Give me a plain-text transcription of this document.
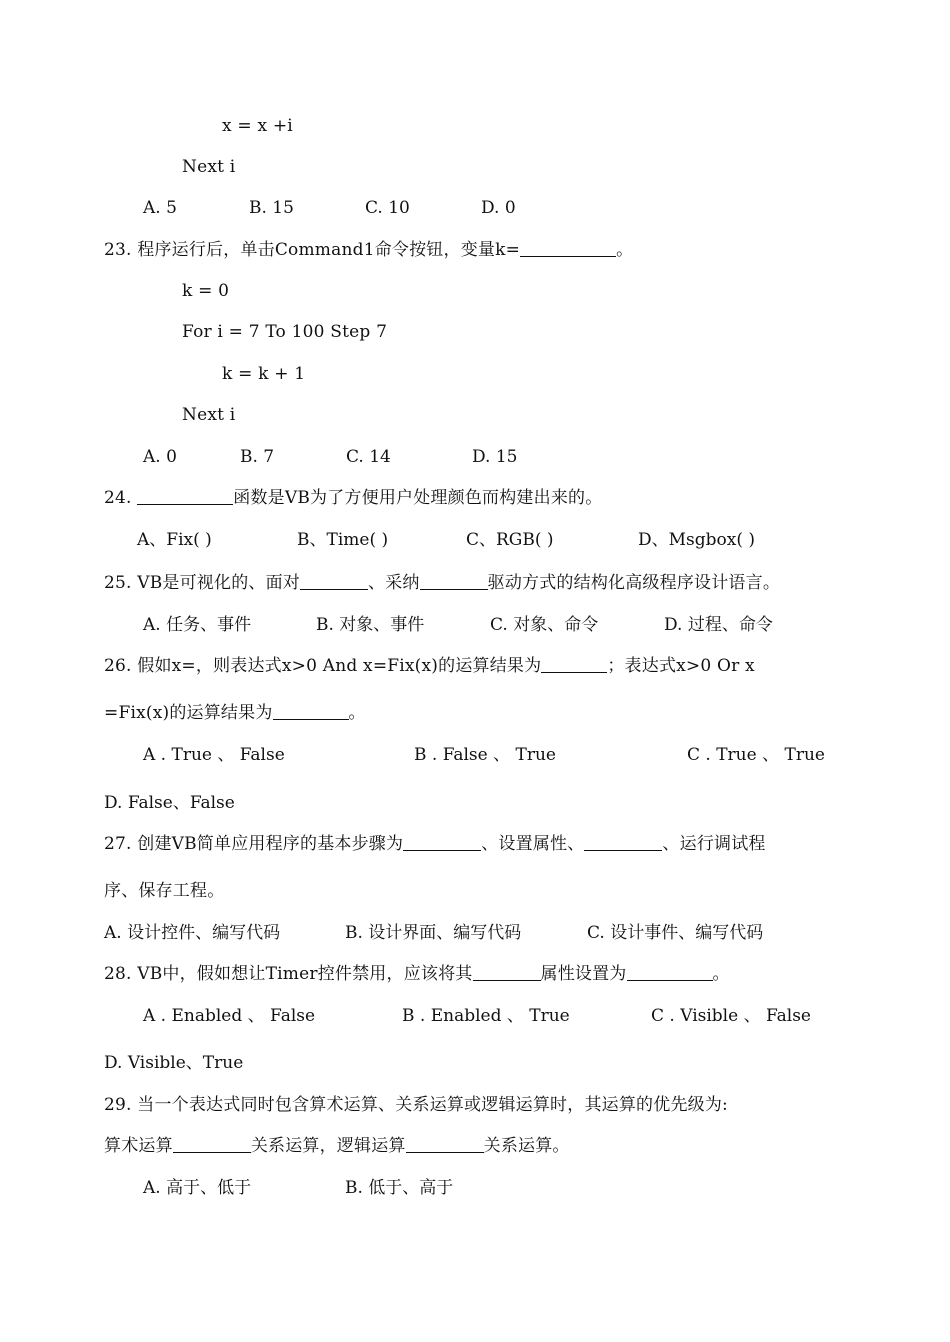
x = x +i
Next i
A. 5	B. 15	C. 10	D. 0
23. 程序运行后，单击Command1命令按钮，变量k=	。
k = 0
For i = 7 To 100 Step 7
k = k + 1
Next i
A. 0	B. 7	C. 14	D. 15
24.	函数是VB为了方便用户处理颜色而构建出来的。
A、Fix( )	B、Time( )	C、RGB( )	D、Msgbox( )
25. VB是可视化的、面对	、采纳	驱动方式的结构化高级程序设计语言。
A. 任务、事件	B. 对象、事件	C. 对象、命令	D. 过程、命令
26. 假如x=，则表达式x>0 And x=Fix(x)的运算结果为	；表达式x>0 Or x
=Fix(x)的运算结果为	。
A . True 、 False	B . False 、 True	C . True 、 True
D. False、False
27. 创建VB简单应用程序的基本步骤为	、设置属性、	、运行调试程
序、保存工程。
A. 设计控件、编写代码	B. 设计界面、编写代码	C. 设计事件、编写代码
28. VB中，假如想让Timer控件禁用，应该将其	属性设置为	。
A . Enabled 、 False	B . Enabled 、 True	C . Visible 、 False
D. Visible、True
29. 当一个表达式同时包含算术运算、关系运算或逻辑运算时，其运算的优先级为:
算术运算	关系运算，逻辑运算	关系运算。
A. 高于、低于	B. 低于、高于
